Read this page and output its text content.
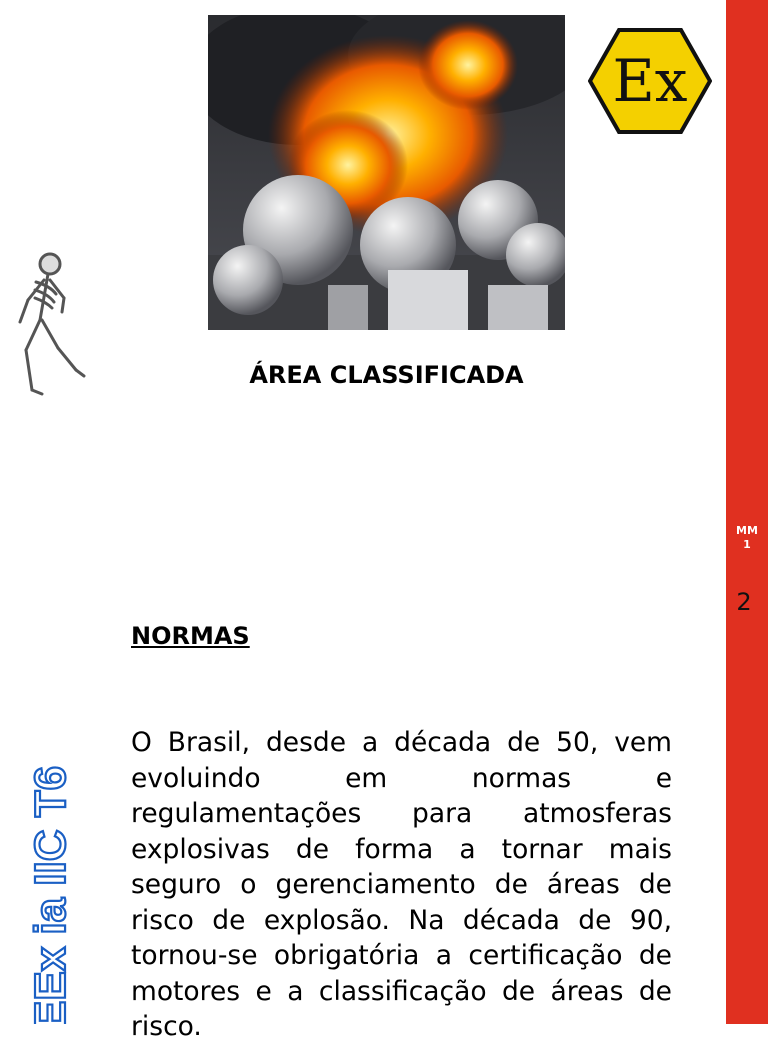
MM
1
2
Ex
ÁREA CLASSIFICADA
NORMAS

O Brasil, desde a década de 50, vem evoluindo em normas e regulamentações para atmosferas explosivas de forma a tornar mais seguro o gerenciamento de áreas de risco de explosão. Na década de 90, tornou-se obrigatória a certificação de motores e a classificação de áreas de risco.

EEx ia IIC T6
